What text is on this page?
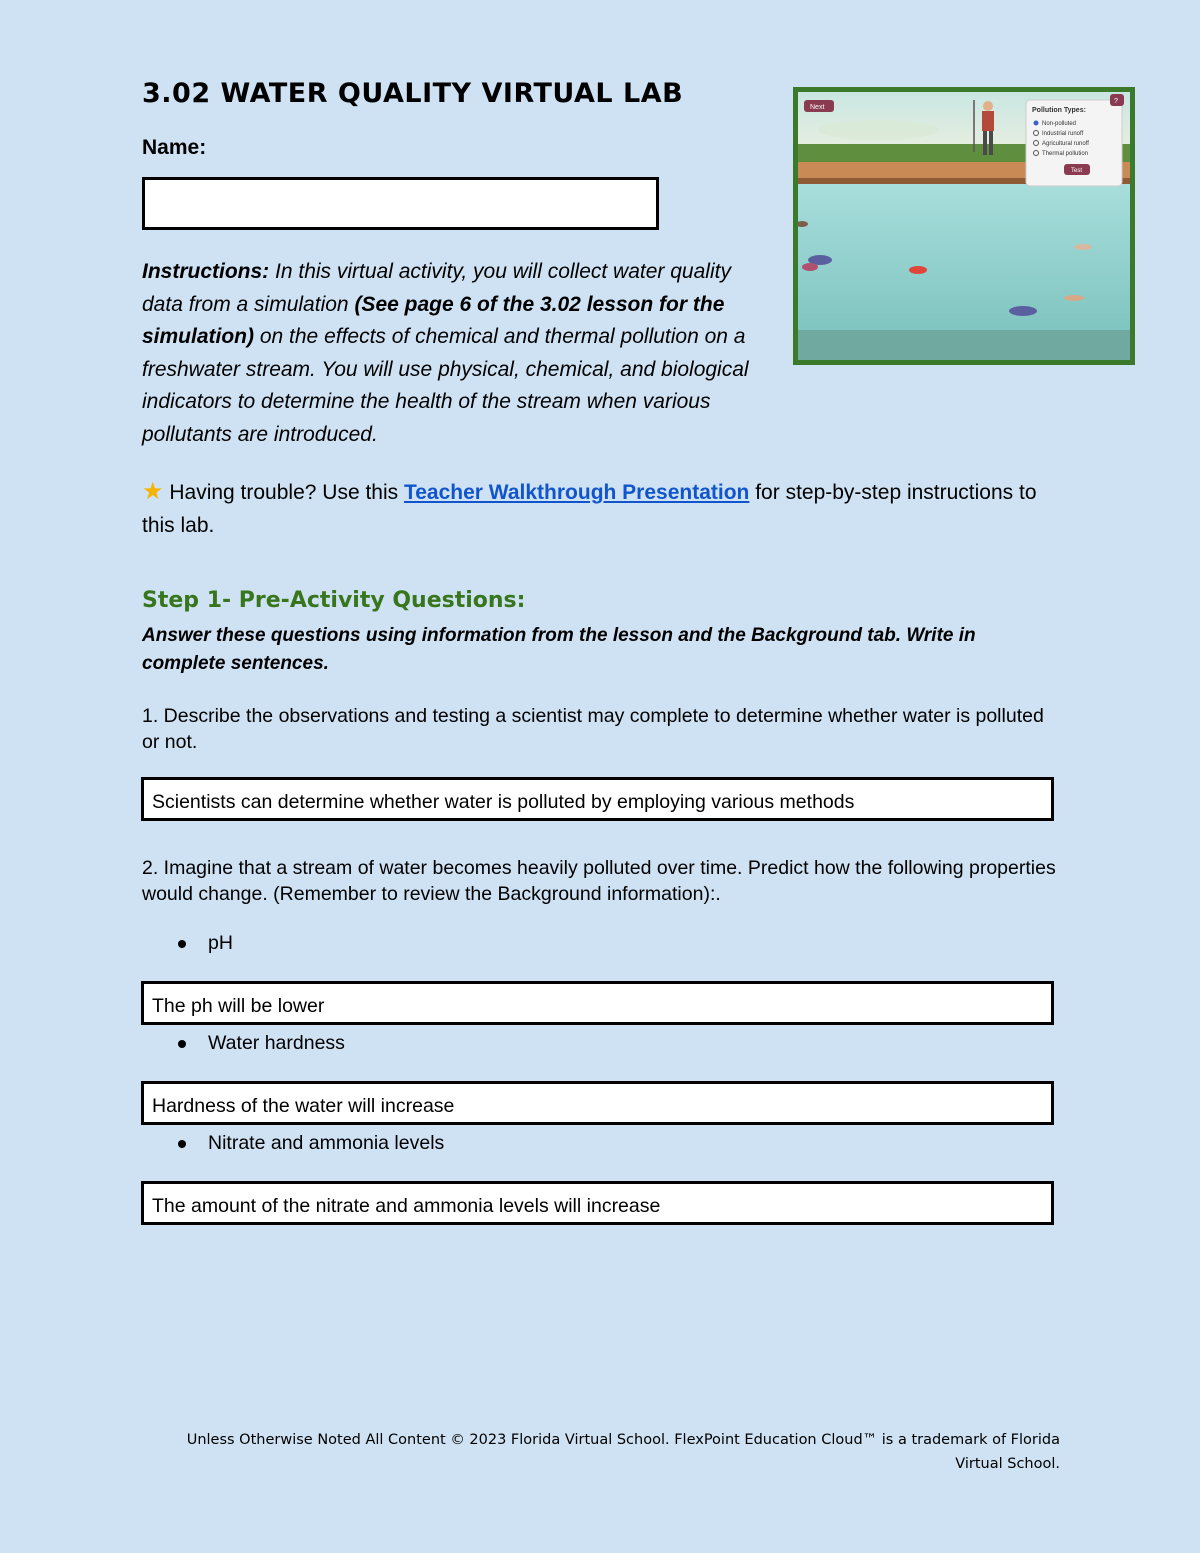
3.02 WATER QUALITY VIRTUAL LAB
Name:
Next	Pollution Types:
Non-polluted
Industrial runoff
Agricultural runoff
Thermal pollution
Test
?
Instructions: In this virtual activity, you will collect water quality data from a simulation (See page 6 of the 3.02 lesson for the simulation) on the effects of chemical and thermal pollution on a freshwater stream. You will use physical, chemical, and biological indicators to determine the health of the stream when various pollutants are introduced.
★ Having trouble? Use this Teacher Walkthrough Presentation for step-by-step instructions to this lab.
Step 1- Pre-Activity Questions:
Answer these questions using information from the lesson and the Background tab. Write in complete sentences.
1. Describe the observations and testing a scientist may complete to determine whether water is polluted or not.
Scientists can determine whether water is polluted by employing various methods
2. Imagine that a stream of water becomes heavily polluted over time. Predict how the following properties would change. (Remember to review the Background information):.
pH
The ph will be lower
Water hardness
Hardness of the water will increase
Nitrate and ammonia levels
The amount of the nitrate and ammonia levels will increase
Unless Otherwise Noted All Content © 2023 Florida Virtual School. FlexPoint Education Cloud™ is a trademark of Florida Virtual School.
